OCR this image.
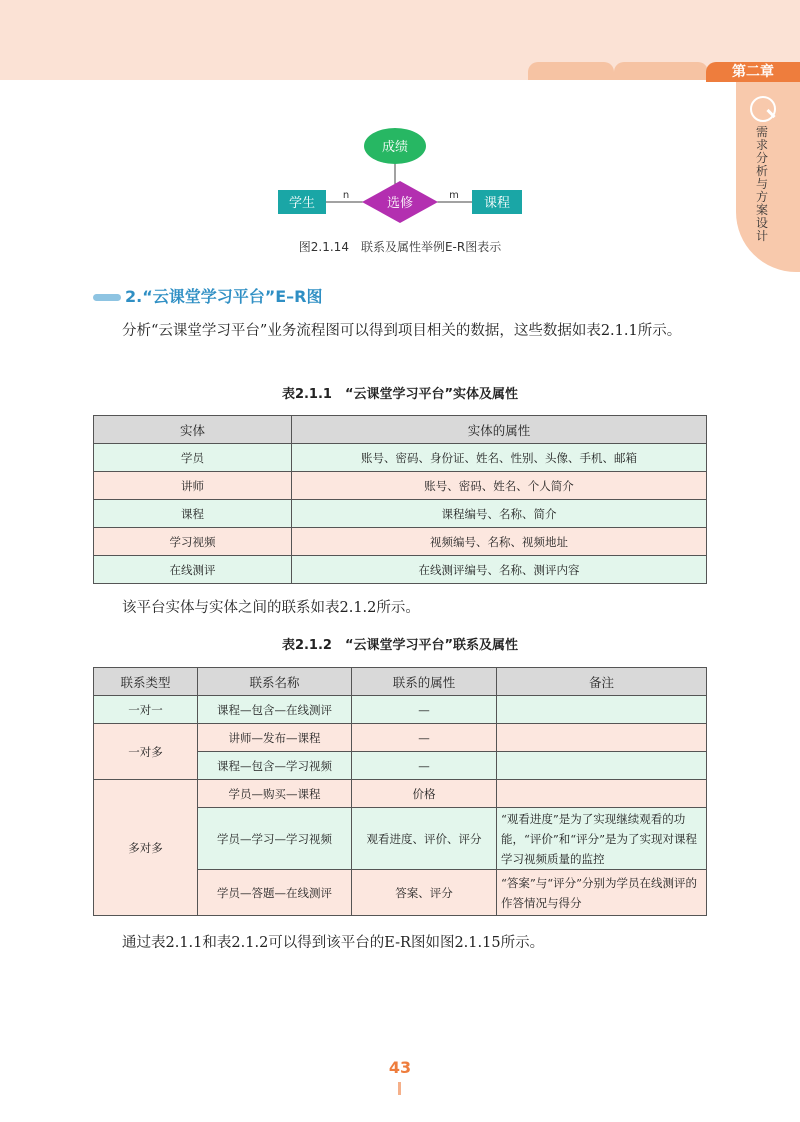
第二章
需求分析与方案设计
成绩
学生	选修	课程
n	m
图2.1.14　联系及属性举例E-R图表示
2.“云课堂学习平台”E–R图
分析“云课堂学习平台”业务流程图可以得到项目相关的数据，这些数据如表2.1.1所示。
表2.1.1　“云课堂学习平台”实体及属性
实体	实体的属性
学员	账号、密码、身份证、姓名、性别、头像、手机、邮箱
讲师	账号、密码、姓名、个人简介
课程	课程编号、名称、简介
学习视频	视频编号、名称、视频地址
在线测评	在线测评编号、名称、测评内容
该平台实体与实体之间的联系如表2.1.2所示。
表2.1.2　“云课堂学习平台”联系及属性
联系类型	联系名称	联系的属性	备注
一对一	课程—包含—在线测评	—	
一对多	讲师—发布—课程	—	
	课程—包含—学习视频	—	
多对多	学员—购买—课程	价格	
	学员—学习—学习视频	观看进度、评价、评分	“观看进度”是为了实现继续观看的功能，“评价”和“评分”是为了实现对课程学习视频质量的监控
	学员—答题—在线测评	答案、评分	“答案”与“评分”分别为学员在线测评的作答情况与得分
通过表2.1.1和表2.1.2可以得到该平台的E-R图如图2.1.15所示。
43
